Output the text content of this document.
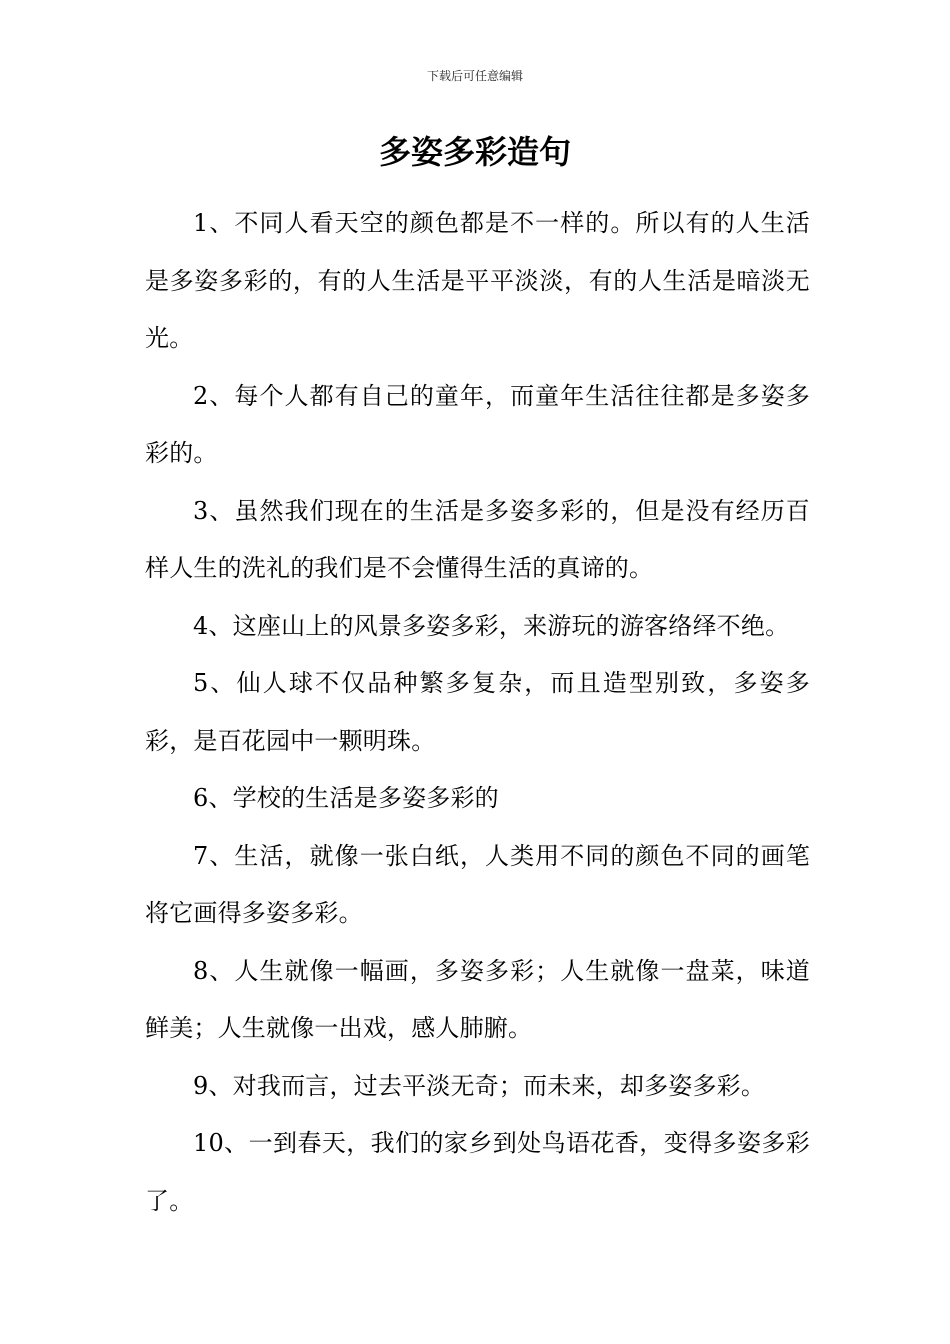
下载后可任意编辑
多姿多彩造句

1、不同人看天空的颜色都是不一样的。所以有的人生活是多姿多彩的，有的人生活是平平淡淡，有的人生活是暗淡无光。

2、每个人都有自己的童年，而童年生活往往都是多姿多彩的。

3、虽然我们现在的生活是多姿多彩的，但是没有经历百样人生的洗礼的我们是不会懂得生活的真谛的。

4、这座山上的风景多姿多彩，来游玩的游客络绎不绝。

5、仙人球不仅品种繁多复杂，而且造型别致，多姿多彩，是百花园中一颗明珠。

6、学校的生活是多姿多彩的

7、生活，就像一张白纸，人类用不同的颜色不同的画笔将它画得多姿多彩。

8、人生就像一幅画，多姿多彩；人生就像一盘菜，味道鲜美；人生就像一出戏，感人肺腑。

9、对我而言，过去平淡无奇；而未来，却多姿多彩。

10、一到春天，我们的家乡到处鸟语花香，变得多姿多彩了。
